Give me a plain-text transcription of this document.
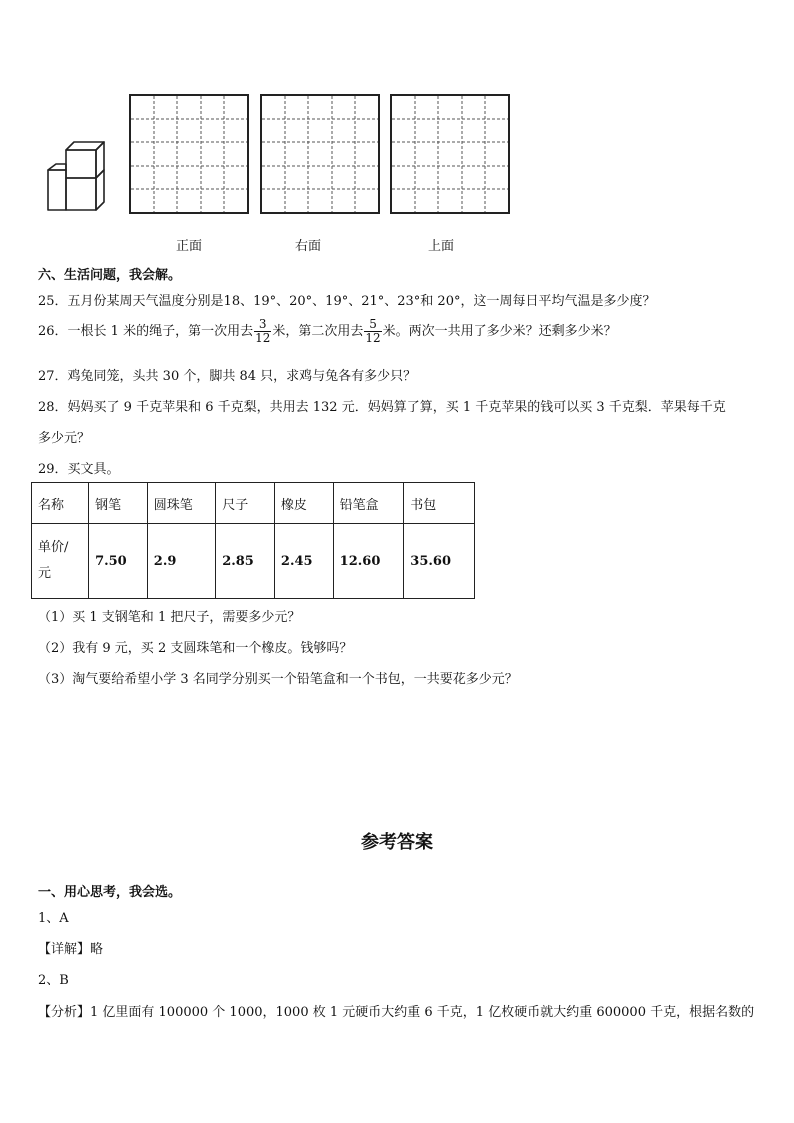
正面	右面	上面
六、生活问题，我会解。
25．五月份某周天气温度分别是18、19°、20°、19°、21°、23°和 20°，这一周每日平均气温是多少度？
26．一根长 1 米的绳子，第一次用去 $\frac{3}{12}$ 米，第二次用去 $\frac{5}{12}$ 米。两次一共用了多少米？还剩多少米？
27．鸡兔同笼，头共 30 个，脚共 84 只，求鸡与兔各有多少只？
28．妈妈买了 9 千克苹果和 6 千克梨，共用去 132 元．妈妈算了算，买 1 千克苹果的钱可以买 3 千克梨．苹果每千克
多少元？
29．买文具。
名称	钢笔	圆珠笔	尺子	橡皮	铅笔盒	书包
单价/
元	7.50	2.9	2.85	2.45	12.60	35.60
（1）买 1 支钢笔和 1 把尺子，需要多少元？
（2）我有 9 元，买 2 支圆珠笔和一个橡皮。钱够吗？
（3）淘气要给希望小学 3 名同学分别买一个铅笔盒和一个书包，一共要花多少元？
参考答案
一、用心思考，我会选。
1、A
【详解】略
2、B
【分析】1 亿里面有 100000 个 1000，1000 枚 1 元硬币大约重 6 千克，1 亿枚硬币就大约重 600000 千克，根据名数的
